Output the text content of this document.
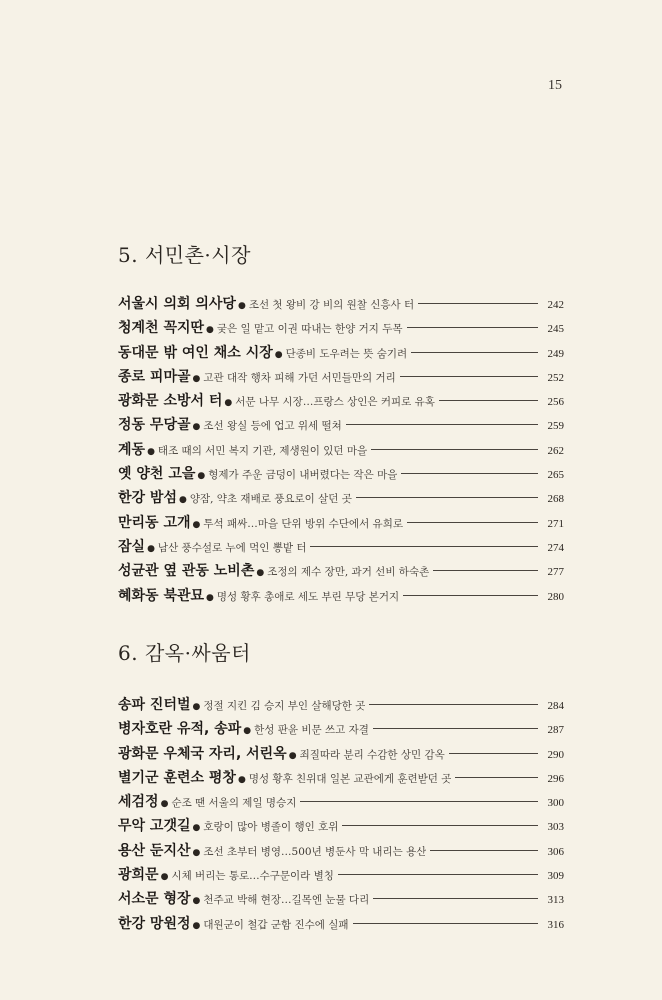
15
5. 서민촌·시장
서울시 의회 의사당 ● 조선 첫 왕비 강 비의 원찰 신흥사 터	242
청계천 꼭지딴 ● 궂은 일 맡고 이권 따내는 한양 거지 두목	245
동대문 밖 여인 채소 시장 ● 단종비 도우려는 뜻 숨기려	249
종로 피마골 ● 고관 대작 행차 피해 가던 서민들만의 거리	252
광화문 소방서 터 ● 서문 나무 시장…프랑스 상인은 커피로 유혹	256
정동 무당골 ● 조선 왕실 등에 업고 위세 떨쳐	259
계동 ● 태조 때의 서민 복지 기관, 제생원이 있던 마을	262
옛 양천 고을 ● 형제가 주운 금덩이 내버렸다는 작은 마을	265
한강 밤섬 ● 양잠, 약초 재배로 풍요로이 살던 곳	268
만리동 고개 ● 투석 패싸…마을 단위 방위 수단에서 유희로	271
잠실 ● 남산 풍수설로 누에 먹인 뽕밭 터	274
성균관 옆 관동 노비촌 ● 조정의 제수 장만, 과거 선비 하숙촌	277
혜화동 북관묘 ● 명성 황후 총애로 세도 부린 무당 본거지	280
6. 감옥·싸움터
송파 진터벌 ● 정절 지킨 김 승지 부인 살해당한 곳	284
병자호란 유적, 송파 ● 한성 판윤 비문 쓰고 자결	287
광화문 우체국 자리, 서린옥 ● 죄질따라 분리 수감한 상민 감옥	290
별기군 훈련소 평창 ● 명성 황후 친위대 일본 교관에게 훈련받던 곳	296
세검정 ● 순조 땐 서울의 제일 명승지	300
무악 고갯길 ● 호랑이 많아 병졸이 행인 호위	303
용산 둔지산 ● 조선 초부터 병영…500년 병둔사 막 내리는 용산	306
광희문 ● 시체 버리는 통로…수구문이라 별칭	309
서소문 형장 ● 천주교 박해 현장…길목엔 눈물 다리	313
한강 망원정 ● 대원군이 철갑 군함 진수에 실패	316
